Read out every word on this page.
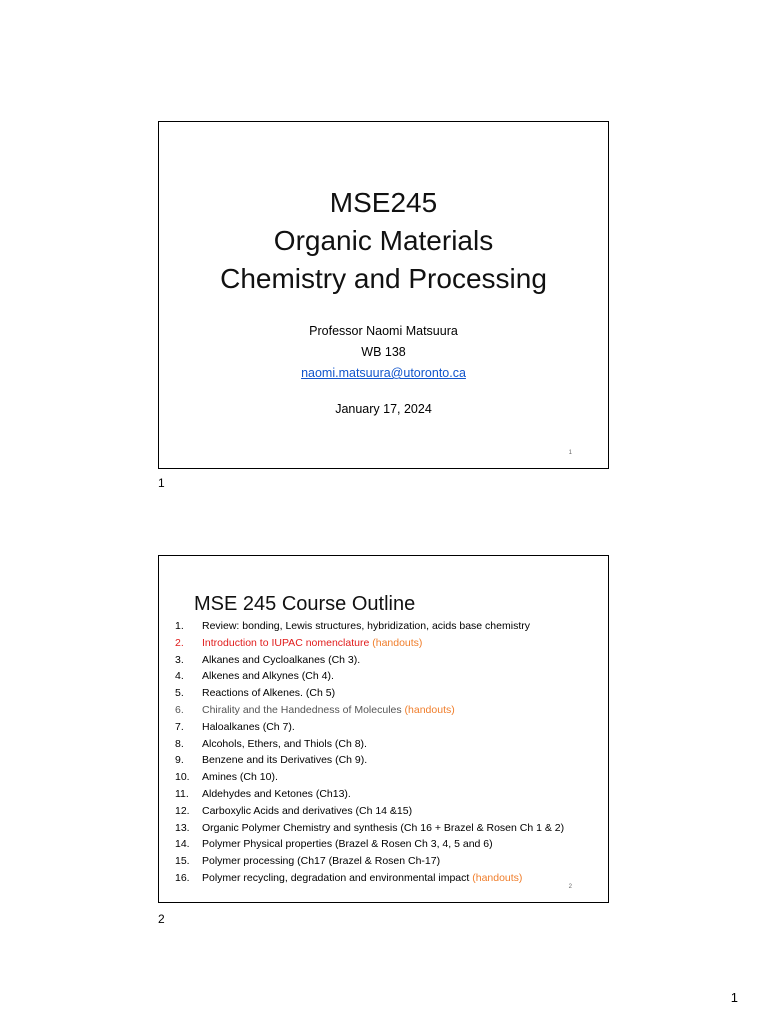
MSE245
Organic Materials
Chemistry and Processing
Professor Naomi Matsuura
WB 138
naomi.matsuura@utoronto.ca
January 17, 2024
1
1
MSE 245 Course Outline
1. Review: bonding, Lewis structures, hybridization, acids base chemistry
2. Introduction to IUPAC nomenclature (handouts)
3. Alkanes and Cycloalkanes (Ch 3).
4. Alkenes and Alkynes (Ch 4).
5. Reactions of Alkenes. (Ch 5)
6. Chirality and the Handedness of Molecules (handouts)
7. Haloalkanes (Ch 7).
8. Alcohols, Ethers, and Thiols (Ch 8).
9. Benzene and its Derivatives (Ch 9).
10. Amines (Ch 10).
11. Aldehydes and Ketones (Ch13).
12. Carboxylic Acids and derivatives (Ch 14 &15)
13. Organic Polymer Chemistry and synthesis (Ch 16 + Brazel & Rosen Ch 1 & 2)
14. Polymer Physical properties (Brazel & Rosen Ch 3, 4, 5 and 6)
15. Polymer processing (Ch17 (Brazel & Rosen Ch-17)
16. Polymer recycling, degradation and environmental impact (handouts)
2
2
1
